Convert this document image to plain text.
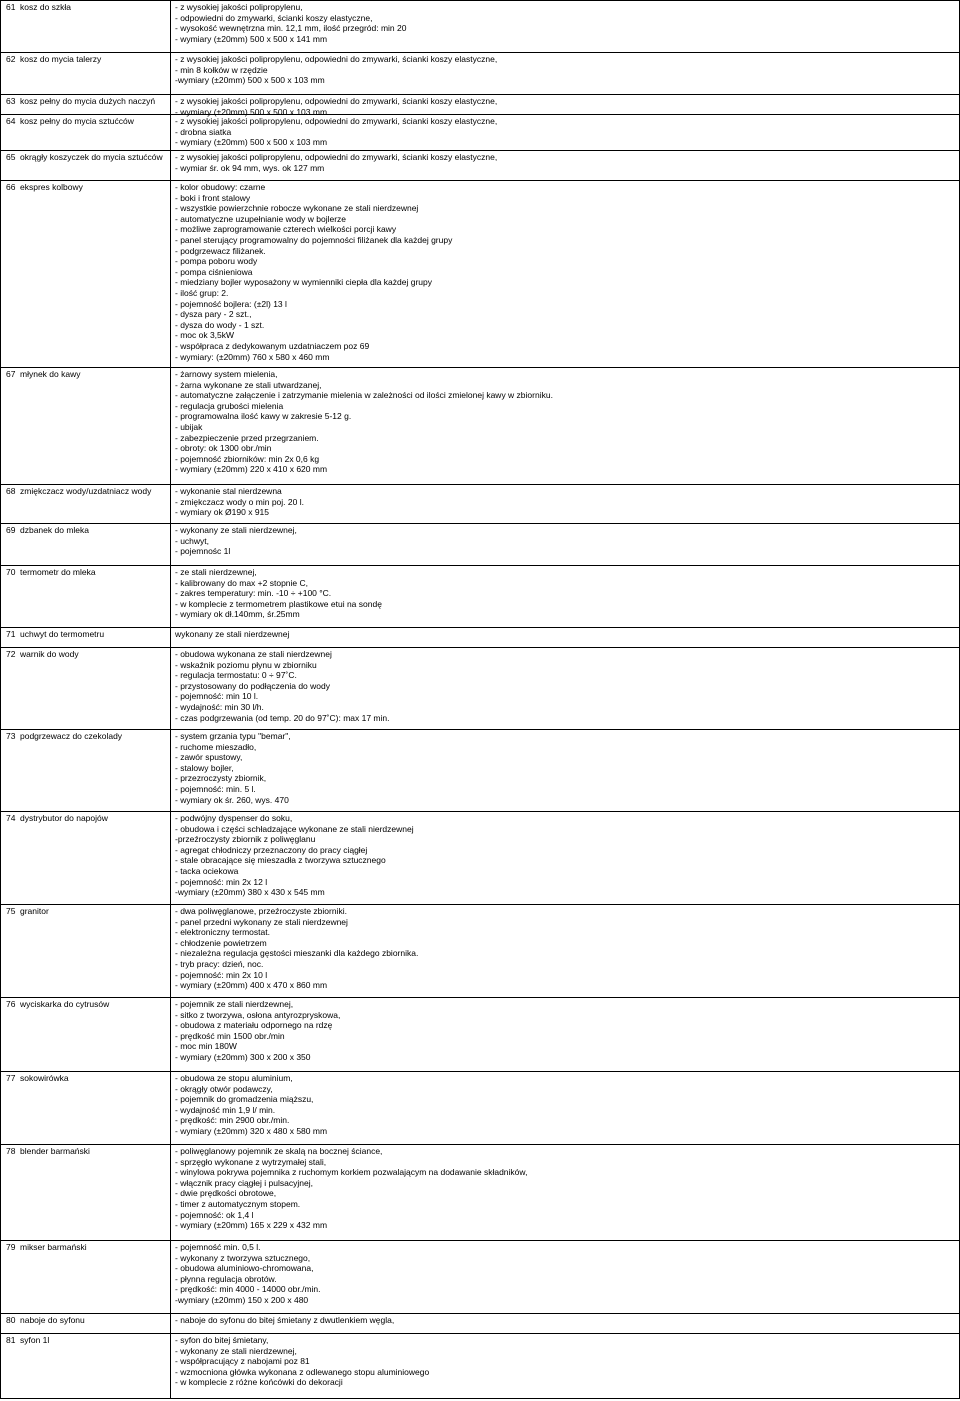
61 kosz do szkła	- z wysokiej jakości polipropylenu,
- odpowiedni do zmywarki, ścianki koszy elastyczne,
- wysokość wewnętrzna min. 12,1 mm, ilość przegród: min 20
- wymiary (±20mm) 500 x 500 x 141 mm
62 kosz do mycia talerzy	- z wysokiej jakości polipropylenu, odpowiedni do zmywarki, ścianki koszy elastyczne,
- min 8 kołków w rzędzie
-wymiary (±20mm) 500 x 500 x 103 mm
63 kosz pełny do mycia dużych naczyń	- z wysokiej jakości polipropylenu, odpowiedni do zmywarki, ścianki koszy elastyczne,
- wymiary (±20mm) 500 x 500 x 103 mm
64 kosz pełny do mycia sztućców	- z wysokiej jakości polipropylenu, odpowiedni do zmywarki, ścianki koszy elastyczne,
- drobna siatka
- wymiary (±20mm) 500 x 500 x 103 mm
65 okrągły koszyczek do mycia sztućców	- z wysokiej jakości polipropylenu, odpowiedni do zmywarki, ścianki koszy elastyczne,
- wymiar śr. ok 94 mm, wys. ok 127 mm
66 ekspres kolbowy	- kolor obudowy: czarne
- boki i front stalowy
- wszystkie powierzchnie robocze wykonane ze stali nierdzewnej
- automatyczne uzupełnianie wody w bojlerze
- możliwe zaprogramowanie czterech wielkości porcji kawy
- panel sterujący programowalny do pojemności filiżanek dla każdej grupy
- podgrzewacz filiżanek.
- pompa poboru wody
- pompa ciśnieniowa
- miedziany bojler wyposażony w wymienniki ciepła dla każdej grupy
- ilość grup: 2.
- pojemność bojlera: (±2l) 13 l
- dysza pary - 2 szt.,
- dysza do wody - 1 szt.
- moc ok 3,5kW
- współpraca z dedykowanym uzdatniaczem poz 69
- wymiary: (±20mm) 760 x 580 x 460 mm
67 młynek do kawy	- żarnowy system mielenia,
- żarna wykonane ze stali utwardzanej,
- automatyczne załączenie i zatrzymanie mielenia w zależności od ilości zmielonej kawy w zbiorniku.
- regulacja grubości mielenia
- programowalna ilość kawy w zakresie 5-12 g.
- ubijak
- zabezpieczenie przed przegrzaniem.
- obroty: ok 1300 obr./min
- pojemność zbiorników: min 2x 0,6 kg
- wymiary (±20mm) 220 x 410 x 620 mm
68 zmiękczacz wody/uzdatniacz wody	- wykonanie stal nierdzewna
- zmiękczacz wody o min poj. 20 l.
- wymiary ok Ø190 x 915
69 dzbanek do mleka	- wykonany ze stali nierdzewnej,
- uchwyt,
- pojemnośc 1l
70 termometr do mleka	- ze stali nierdzewnej,
- kalibrowany do max +2 stopnie C,
- zakres temperatury: min. -10 ÷ +100 °C.
- w komplecie z termometrem plastikowe etui na sondę
- wymiary ok dł.140mm, śr.25mm
71 uchwyt do termometru	wykonany ze stali nierdzewnej
72 warnik do wody	- obudowa wykonana ze stali nierdzewnej
- wskaźnik poziomu płynu w zbiorniku
- regulacja termostatu: 0 ÷ 97˚C.
- przystosowany do podłączenia do wody
- pojemność: min 10 l.
- wydajność: min 30 l/h.
- czas podgrzewania (od temp. 20 do 97˚C): max 17 min.
73 podgrzewacz do czekolady	- system grzania typu "bemar",
- ruchome mieszadło,
- zawór spustowy,
- stalowy bojler,
- przezroczysty zbiornik,
- pojemność: min. 5 l.
- wymiary ok śr. 260, wys. 470
74 dystrybutor do napojów	- podwójny dyspenser do soku,
- obudowa i części schładzające wykonane ze stali nierdzewnej
-przeźroczysty zbiornik z poliwęglanu
- agregat chłodniczy przeznaczony do pracy ciągłej
- stale obracające się mieszadła z tworzywa sztucznego
- tacka ociekowa
- pojemność: min 2x 12 l
-wymiary (±20mm) 380 x 430 x 545 mm
75 granitor	- dwa poliwęglanowe, przeźroczyste zbiorniki.
- panel przedni wykonany ze stali nierdzewnej
- elektroniczny termostat.
- chłodzenie powietrzem
- niezależna regulacja gęstości mieszanki dla każdego zbiornika.
- tryb pracy: dzień, noc.
- pojemność: min 2x 10 l
- wymiary (±20mm) 400 x 470 x 860 mm
76 wyciskarka do cytrusów	- pojemnik ze stali nierdzewnej,
- sitko z tworzywa, osłona antyrozpryskowa,
- obudowa z materiału odpornego na rdzę
- prędkość min 1500 obr./min
- moc min 180W
- wymiary (±20mm) 300 x 200 x 350
77 sokowirówka	- obudowa ze stopu aluminium,
- okrągły otwór podawczy,
- pojemnik do gromadzenia miąższu,
- wydajność min 1,9 l/ min.
- prędkość: min 2900 obr./min.
- wymiary (±20mm) 320 x 480 x 580 mm
78 blender barmański	- poliwęglanowy pojemnik ze skalą na bocznej ściance,
- sprzęgło wykonane z wytrzymałej stali,
- winylowa pokrywa pojemnika z ruchomym korkiem pozwalającym na dodawanie składników,
- włącznik pracy ciągłej i pulsacyjnej,
- dwie prędkości obrotowe,
- timer z automatycznym stopem.
- pojemność: ok 1,4 l
- wymiary (±20mm) 165 x 229 x 432 mm
79 mikser barmański	- pojemność min. 0,5 l.
- wykonany z tworzywa sztucznego,
- obudowa aluminiowo-chromowana,
- płynna regulacja obrotów.
- prędkość: min 4000 - 14000 obr./min.
-wymiary (±20mm) 150 x 200 x 480
80 naboje do syfonu	- naboje do syfonu do bitej śmietany z dwutlenkiem węgla,
81 syfon 1l	- syfon do bitej śmietany,
- wykonany ze stali nierdzewnej,
- współpracujący z nabojami poz 81
- wzmocniona główka wykonana z odlewanego stopu aluminiowego
- w komplecie z różne końcówki do dekoracji
